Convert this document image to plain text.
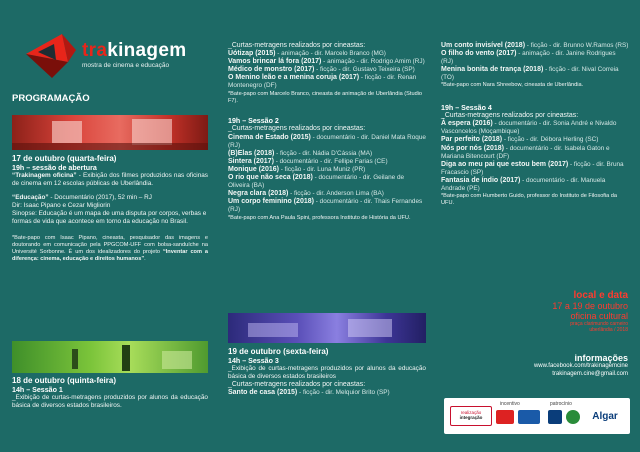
trakinagem
mostra de cinema e educação
PROGRAMAÇÃO
17 de outubro (quarta-feira)
19h – sessão de abertura
“Trakinagem oficina” - Exibição dos filmes produzidos nas oficinas de cinema em 12 escolas públicas de Uberlândia.
“Educação” - Documentário (2017), 52 min – RJ
Dir: Isaac Pipano e Cezar Migliorin
Sinopse: Educação é um mapa de uma disputa por corpos, verbas e formas de vida que acontece em torno da educação no Brasil.
*Bate-papo com Isaac Pipano, cineasta, pesquisador das imagens e doutorando em comunicação pela PPGCOM-UFF com bolsa-sanduíche na Université Sorbonne. É um dos idealizadores do projeto “Inventar com a diferença: cinema, educação e direitos humanos”.
18 de outubro (quinta-feira)
14h – Sessão 1
_Exibição de curtas-metragens produzidos por alunos da educação básica de diversos estados brasileiros.
_Curtas-metragens realizados por cineastas:
Uótizap (2015) - animação - dir. Marcelo Branco (MG)
Vamos brincar lá fora (2017) - animação - dir. Rodrigo Amim (RJ)
Médico de monstro (2017) - ficção - dir. Gustavo Teixeira (SP)
O Menino leão e a menina coruja (2017) - ficção - dir. Renan Montenegro (DF)
*Bate-papo com Marcelo Branco, cineasta de animação de Uberlândia (Studio F7).
19h – Sessão 2
_Curtas-metragens realizados por cineastas:
Cinema de Estado (2015) - documentário - dir. Daniel Mata Roque (RJ)
(B)Elas (2018) - ficção - dir. Nádia D'Cássia (MA)
Sintera (2017) - documentário - dir. Fellipe Farias (CE)
Monique (2016) - ficção - dir. Luna Muniz (PR)
O rio que não seca (2018) - documentário - dir. Geilane de Oliveira (BA)
Negra clara (2018) - ficção - dir. Anderson Lima (BA)
Um corpo feminino (2018) - documentário - dir. Thais Fernandes (RJ)
*Bate-papo com Ana Paula Spini, professora Instituto de História da UFU.
19 de outubro (sexta-feira)
14h – Sessão 3
_Exibição de curtas-metragens produzidos por alunos da educação básica de diversos estados brasileiros
_Curtas-metragens realizados por cineastas:
Santo de casa (2015) - ficção - dir. Melquior Brito (SP)
Um conto invisível (2018) - ficção - dir. Brunno W.Ramos (RS)
O filho do vento (2017) - animação - dir. Janine Rodrigues (RJ)
Menina bonita de trança (2018) - ficção - dir. Nival Correia (TO)
*Bate-papo com Nara Shreebow, cineasta de Uberlândia.
19h – Sessão 4
_Curtas-metragens realizados por cineastas:
À espera (2016) - documentário - dir. Sonia André e Nivaldo Vasconcelos (Moçambique)
Par perfeito (2018) - ficção - dir. Débora Herling (SC)
Nós por nós (2018) - documentário - dir. Isabela Gaton e Mariana Bitencourt (DF)
Diga ao meu pai que estou bem (2017) - ficção - dir. Bruna Fracascio (SP)
Fantasia de índio (2017) - documentário - dir. Manuela Andrade (PE)
*Bate-papo com Humberto Guido, professor do Instituto de Filosofia da UFU.
local e data
17 a 19 de outubro
oficina cultural
praça clarimundo carneiro
uberlândia / 2018
informações
www.facebook.com/trakinagemcine
trakinagem.cine@gmail.com
realização
integração
incentivo	patrocínio
Algar
